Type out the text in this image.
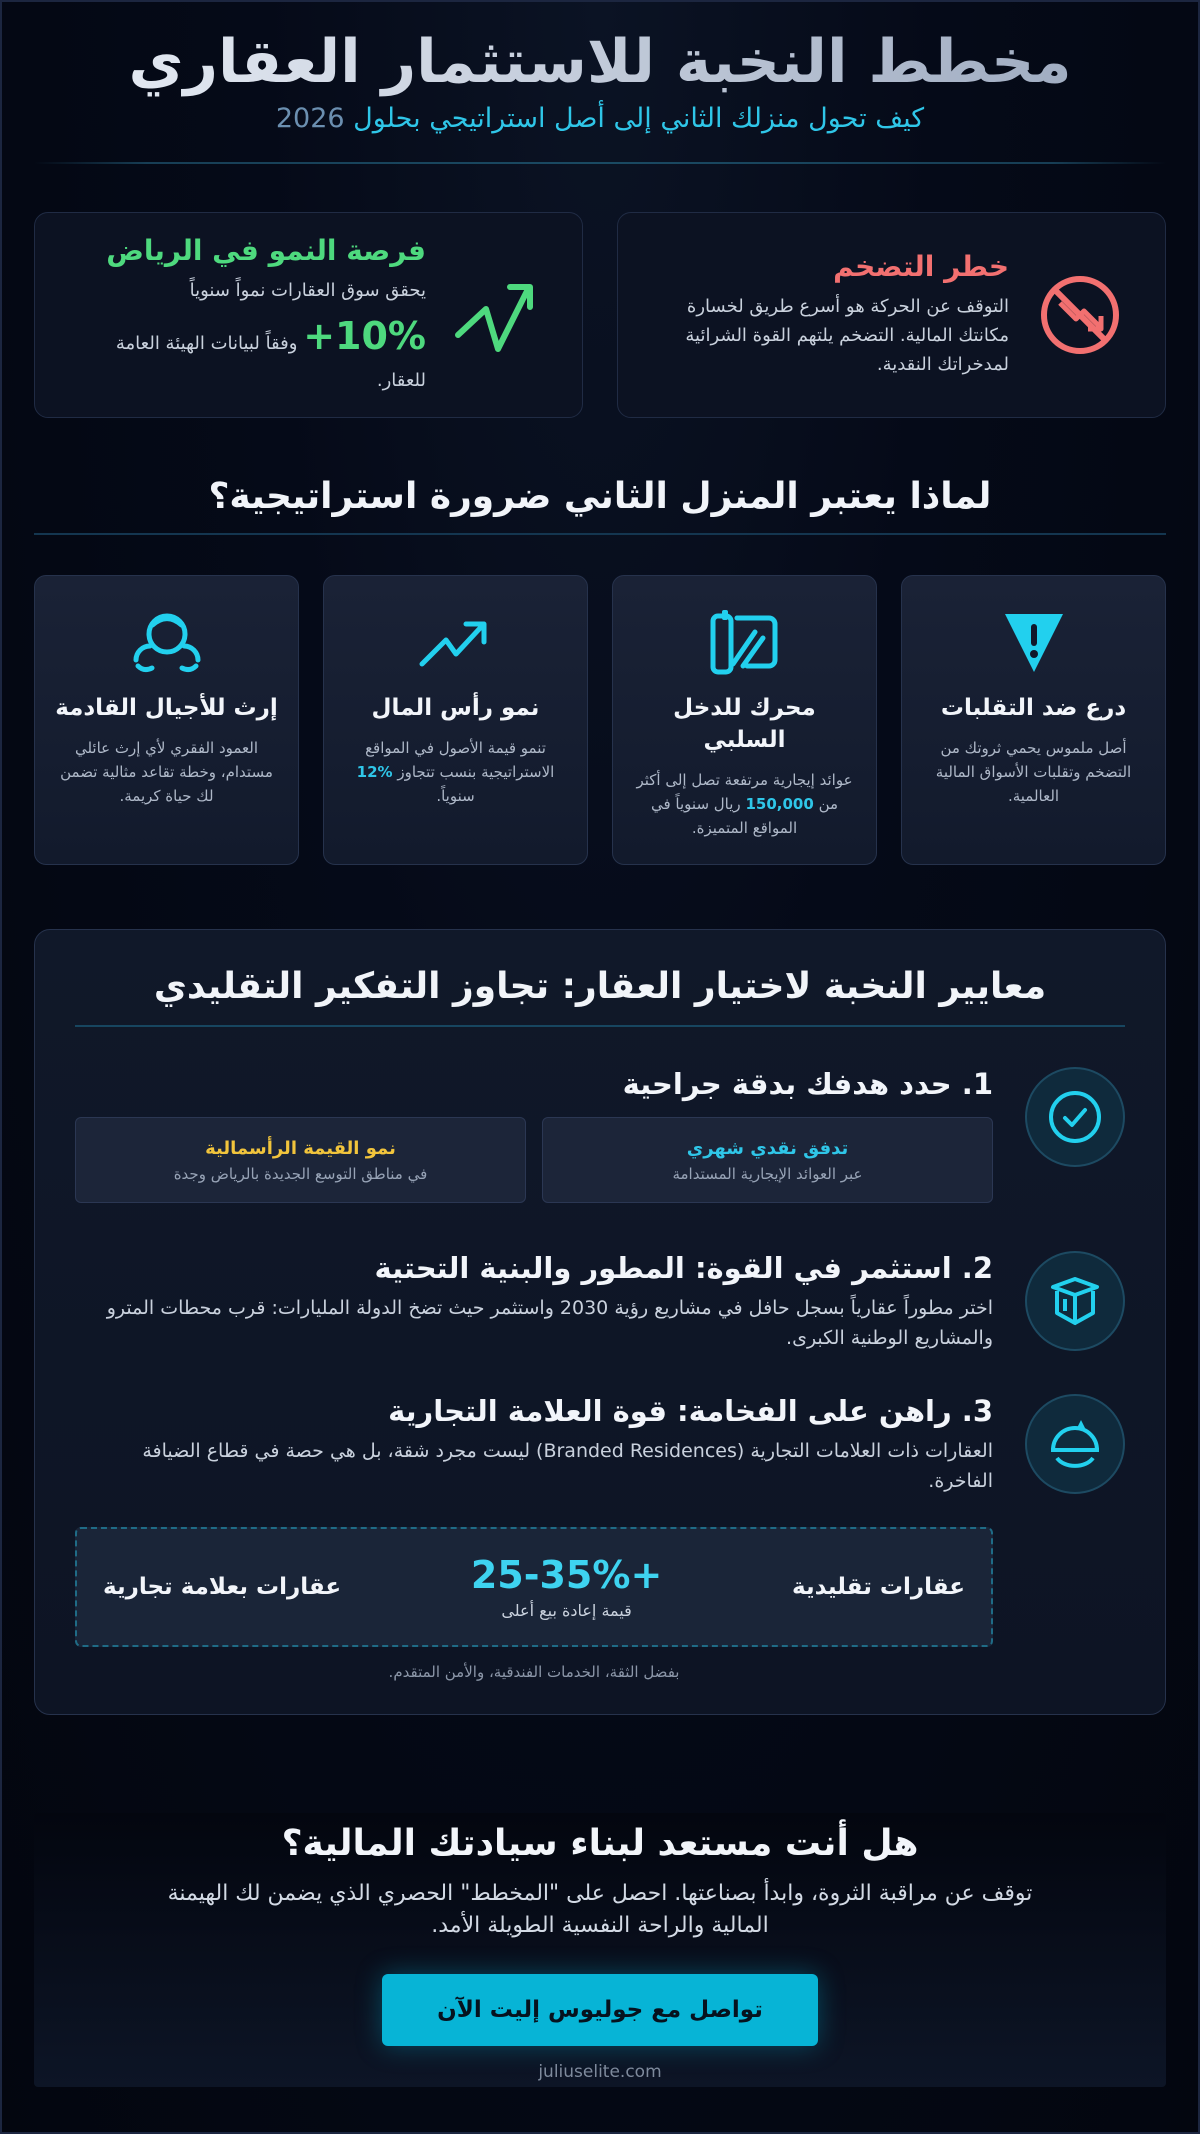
مخطط النخبة للاستثمار العقاري
كيف تحول منزلك الثاني إلى أصل استراتيجي بحلول 2026
خطر التضخم

التوقف عن الحركة هو أسرع طريق لخسارة مكانتك المالية. التضخم يلتهم القوة الشرائية لمدخراتك النقدية.

فرصة النمو في الرياض

يحقق سوق العقارات نمواً سنوياً +10% وفقاً لبيانات الهيئة العامة للعقار.

لماذا يعتبر المنزل الثاني ضرورة استراتيجية؟
درع ضد التقلبات

أصل ملموس يحمي ثروتك من التضخم وتقلبات الأسواق المالية العالمية.

محرك للدخل السلبي

عوائد إيجارية مرتفعة تصل إلى أكثر من 150,000 ريال سنوياً في المواقع المتميزة.

نمو رأس المال

تنمو قيمة الأصول في المواقع الاستراتيجية بنسب تتجاوز 12% سنوياً.

إرث للأجيال القادمة

العمود الفقري لأي إرث عائلي مستدام، وخطة تقاعد مثالية تضمن لك حياة كريمة.

معايير النخبة لاختيار العقار: تجاوز التفكير التقليدي
1. حدد هدفك بدقة جراحية
تدفق نقدي شهري
عبر العوائد الإيجارية المستدامة
نمو القيمة الرأسمالية
في مناطق التوسع الجديدة بالرياض وجدة
2. استثمر في القوة: المطور والبنية التحتية

اختر مطوراً عقارياً بسجل حافل في مشاريع رؤية 2030 واستثمر حيث تضخ الدولة المليارات: قرب محطات المترو والمشاريع الوطنية الكبرى.

3. راهن على الفخامة: قوة العلامة التجارية

العقارات ذات العلامات التجارية (Branded Residences) ليست مجرد شقة، بل هي حصة في قطاع الضيافة الفاخرة.

عقارات تقليدية
25-35%+
قيمة إعادة بيع أعلى
عقارات بعلامة تجارية
بفضل الثقة، الخدمات الفندقية، والأمن المتقدم.
هل أنت مستعد لبناء سيادتك المالية؟

توقف عن مراقبة الثروة، وابدأ بصناعتها. احصل على "المخطط" الحصري الذي يضمن لك الهيمنة المالية والراحة النفسية الطويلة الأمد.

تواصل مع جوليوس إليت الآن
juliuselite.com
